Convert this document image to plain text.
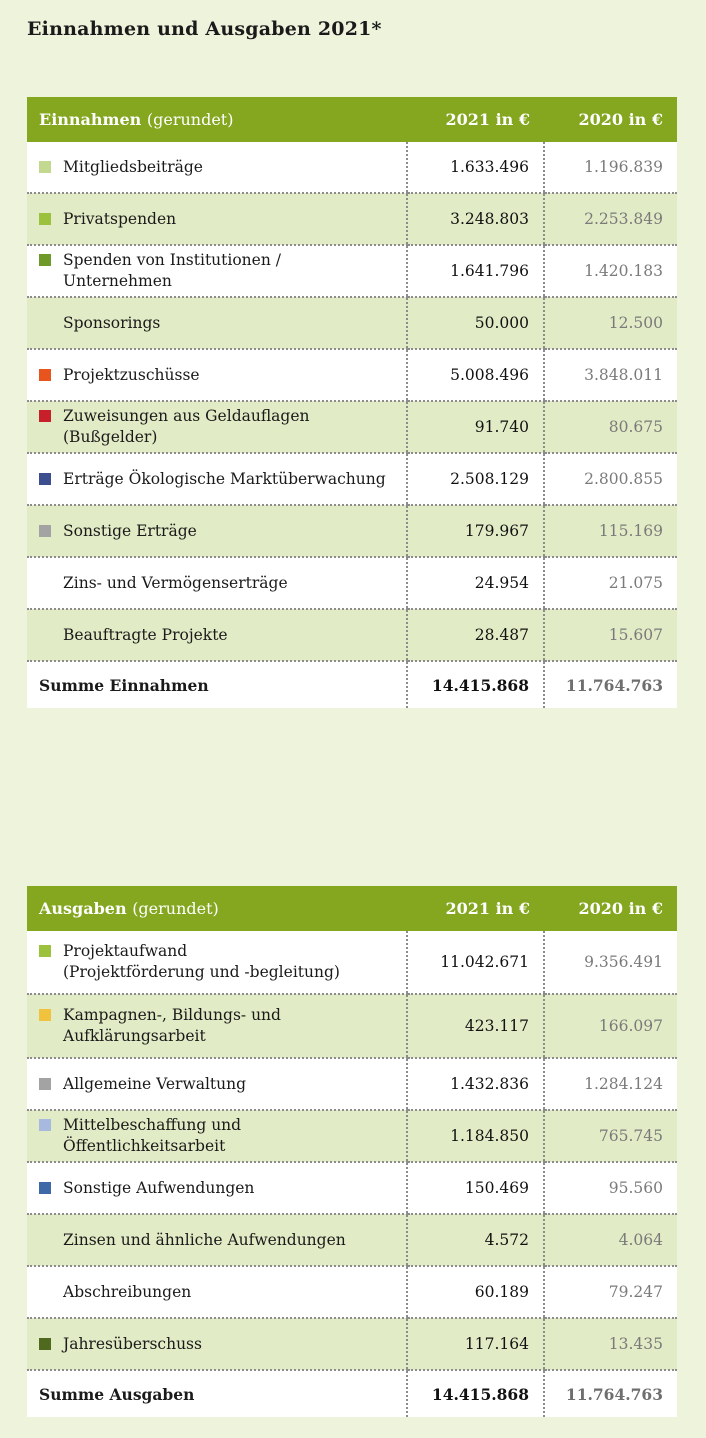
Einnahmen und Ausgaben 2021*
Einnahmen (gerundet)	2021 in €	2020 in €

Mitgliedsbeiträge	1.633.496	1.196.839

Privatspenden	3.248.803	2.253.849

Spenden von Institutionen / Unternehmen	1.641.796	1.420.183

Sponsorings	50.000	12.500

Projektzuschüsse	5.008.496	3.848.011

Zuweisungen aus Geldauflagen (Bußgelder)	91.740	80.675

Erträge Ökologische Marktüberwachung	2.508.129	2.800.855

Sonstige Erträge	179.967	115.169

Zins- und Vermögenserträge	24.954	21.075

Beauftragte Projekte	28.487	15.607
Summe Einnahmen	14.415.868	11.764.763
Ausgaben (gerundet)	2021 in €	2020 in €

Projektaufwand
(Projektförderung und -begleitung)	11.042.671	9.356.491

Kampagnen-, Bildungs- und
Aufklärungsarbeit	423.117	166.097

Allgemeine Verwaltung	1.432.836	1.284.124

Mittelbeschaffung und Öffentlichkeitsarbeit	1.184.850	765.745

Sonstige Aufwendungen	150.469	95.560

Zinsen und ähnliche Aufwendungen	4.572	4.064

Abschreibungen	60.189	79.247

Jahresüberschuss	117.164	13.435
Summe Ausgaben	14.415.868	11.764.763
